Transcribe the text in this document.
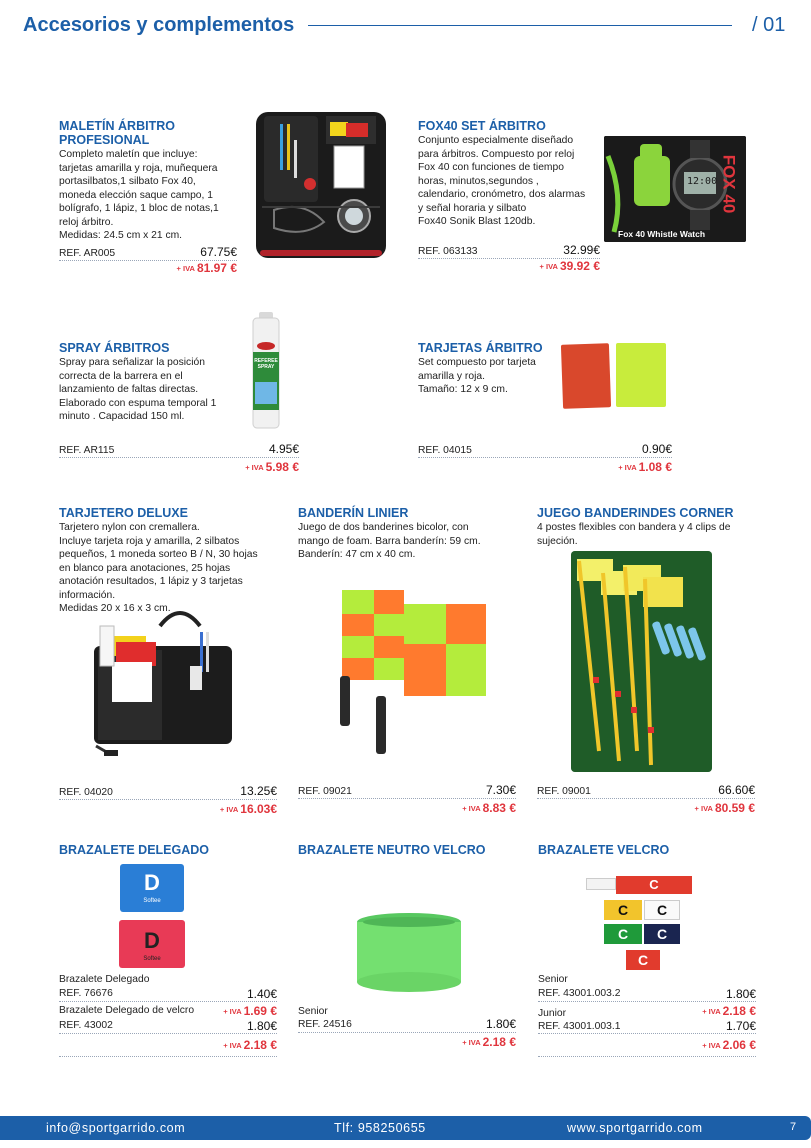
Accesorios y complementos	/ 01
MALETÍN ÁRBITRO
PROFESIONAL
Completo maletín que incluye:
tarjetas amarilla y roja, muñequera
portasilbatos,1 silbato Fox 40,
moneda elección saque campo, 1
bolígrafo, 1 lápiz, 1 bloc de notas,1
reloj árbitro.
Medidas: 24.5 cm x 21 cm.
REF. AR005	67.75€
+ IVA 81.97 €
FOX40 SET ÁRBITRO
Conjunto especialmente diseñado
para árbitros. Compuesto por reloj
Fox 40 con funciones de tiempo
horas, minutos,segundos ,
calendario, cronómetro, dos alarmas
y señal horaria y silbato
Fox40 Sonik Blast 120db.
REF. 063133	32.99€
+ IVA 39.92 €
FOX 40
12:00
Fox 40 Whistle Watch
SPRAY ÁRBITROS
Spray para señalizar la posición
correcta de la barrera en el
lanzamiento de faltas directas.
Elaborado con espuma temporal 1
minuto . Capacidad 150 ml.
REF. AR115	4.95€
+ IVA 5.98 €
REFEREE SPRAY
TARJETAS ÁRBITRO
Set compuesto por tarjeta
amarilla y roja.
Tamaño: 12 x 9 cm.
REF. 04015	0.90€
+ IVA 1.08 €
TARJETERO DELUXE
Tarjetero nylon con cremallera.
Incluye tarjeta roja y amarilla, 2 silbatos
pequeños, 1 moneda sorteo B / N, 30 hojas
en blanco para anotaciones, 25 hojas
anotación resultados, 1 lápiz y 3 tarjetas
información.
Medidas 20 x 16 x 3 cm.
REF. 04020	13.25€
+ IVA 16.03€
BANDERÍN LINIER
Juego de dos banderines bicolor, con
mango de foam. Barra banderín: 59 cm.
Banderín: 47 cm x 40 cm.
REF. 09021	7.30€
+ IVA 8.83 €
JUEGO BANDERINDES CORNER
4 postes flexibles con bandera y 4 clips de
sujeción.
REF. 09001	66.60€
+ IVA 80.59 €
BRAZALETE DELEGADO
Brazalete Delegado
REF. 76676	1.40€
Brazalete Delegado de velcro	+ IVA 1.69 €
REF. 43002	1.80€
+ IVA 2.18 €
D
Softee
D
Softee
BRAZALETE NEUTRO VELCRO
Senior
REF. 24516	1.80€
+ IVA 2.18 €
BRAZALETE VELCRO
Senior
REF. 43001.003.2	1.80€
Junior	+ IVA 2.18 €
REF. 43001.003.1	1.70€
+ IVA 2.06 €
C
C	C
C	C
C
info@sportgarrido.com	Tlf: 958250655	www.sportgarrido.com	7
